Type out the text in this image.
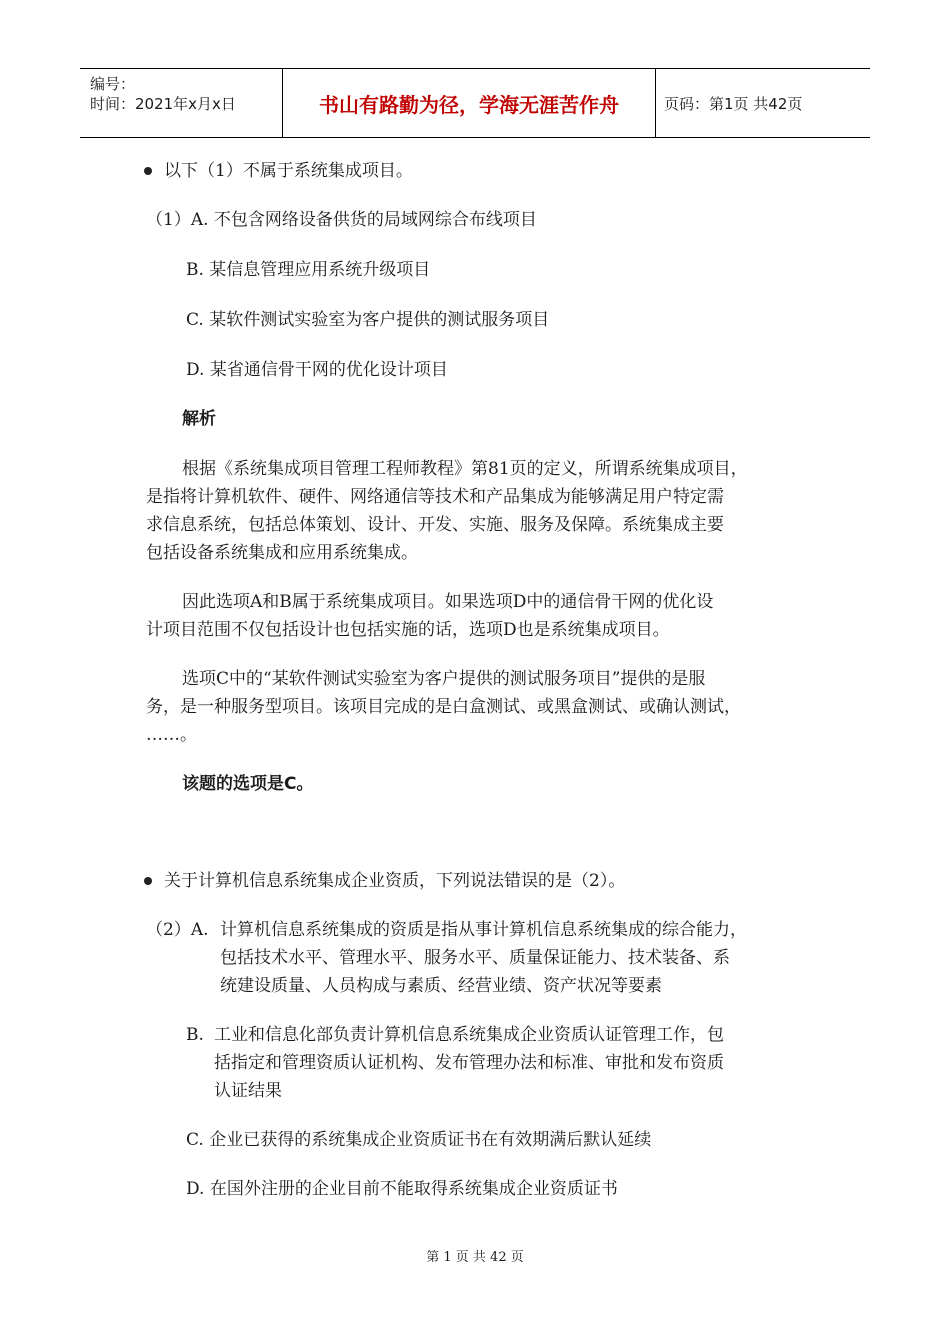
编号：
时间：2021年x月x日	书山有路勤为径，学海无涯苦作舟	页码：第1页 共42页
以下（1）不属于系统集成项目。
（1）A. 不包含网络设备供货的局域网综合布线项目
B. 某信息管理应用系统升级项目
C. 某软件测试实验室为客户提供的测试服务项目
D. 某省通信骨干网的优化设计项目
解析
根据《系统集成项目管理工程师教程》第81页的定义，所谓系统集成项目，
是指将计算机软件、硬件、网络通信等技术和产品集成为能够满足用户特定需
求信息系统，包括总体策划、设计、开发、实施、服务及保障。系统集成主要
包括设备系统集成和应用系统集成。
因此选项A和B属于系统集成项目。如果选项D中的通信骨干网的优化设
计项目范围不仅包括设计也包括实施的话，选项D也是系统集成项目。
选项C中的“某软件测试实验室为客户提供的测试服务项目”提供的是服
务，是一种服务型项目。该项目完成的是白盒测试、或黑盒测试、或确认测试，
……。
该题的选项是C。
关于计算机信息系统集成企业资质，下列说法错误的是（2）。
（2）A. 计算机信息系统集成的资质是指从事计算机信息系统集成的综合能力，
包括技术水平、管理水平、服务水平、质量保证能力、技术装备、系
统建设质量、人员构成与素质、经营业绩、资产状况等要素
B. 工业和信息化部负责计算机信息系统集成企业资质认证管理工作，包
括指定和管理资质认证机构、发布管理办法和标准、审批和发布资质
认证结果
C. 企业已获得的系统集成企业资质证书在有效期满后默认延续
D. 在国外注册的企业目前不能取得系统集成企业资质证书
第 1 页 共 42 页
